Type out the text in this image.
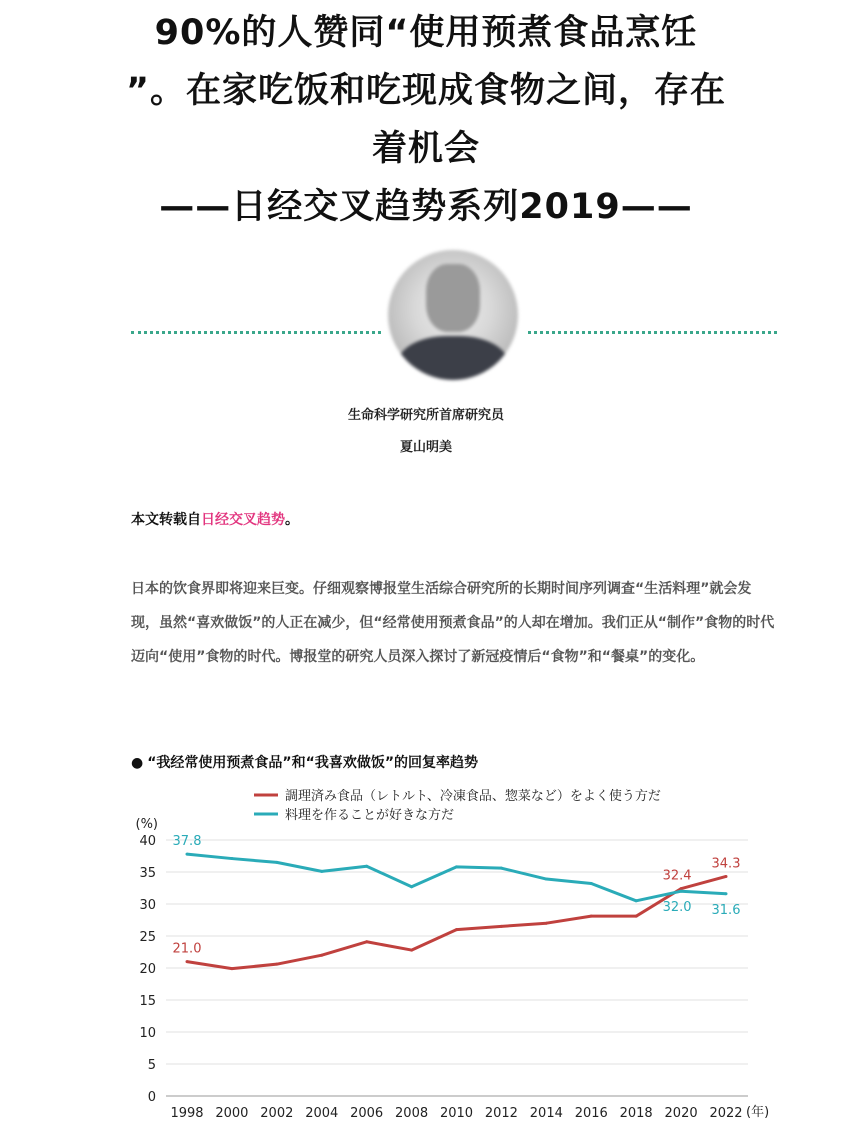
90%的人赞同“使用预煮食品烹饪
”。在家吃饭和吃现成食物之间，存在
着机会
——日经交叉趋势系列2019——
生命科学研究所首席研究员
夏山明美
本文转载自日经交叉趋势。
日本的饮食界即将迎来巨变。仔细观察博报堂生活综合研究所的长期时间序列调查“生活料理”就会发现，虽然“喜欢做饭”的人正在减少，但“经常使用预煮食品”的人却在增加。我们正从“制作”食物的时代迈向“使用”食物的时代。博报堂的研究人员深入探讨了新冠疫情后“食物”和“餐桌”的变化。
● “我经常使用预煮食品”和“我喜欢做饭”的回复率趋势
0
5
10
15
20
25
30
35
40
(%)
1998 2000 2002 2004 2006 2008 2010 2012 2014 2016 2018 2020 2022 (年)
調理済み食品（レトルト、冷凍食品、惣菜など）をよく使う方だ
料理を作ることが好きな方だ
21.0
32.4
34.3
37.8
32.0 31.6
